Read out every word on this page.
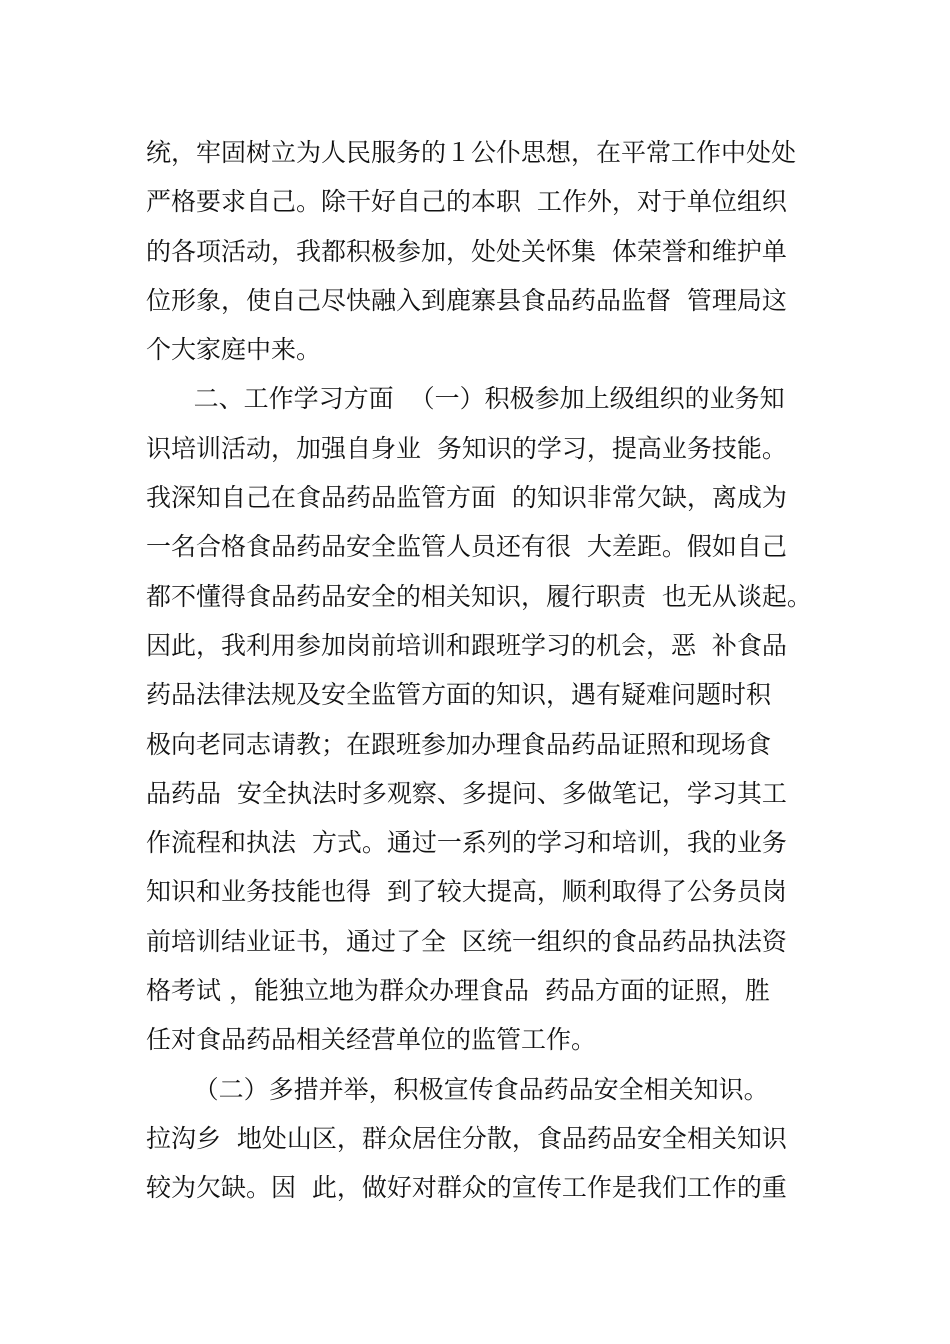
统，牢固树立为人民服务的１公仆思想，在平常工作中处处
严格要求自己。除干好自己的本职  工作外，对于单位组织
的各项活动，我都积极参加，处处关怀集  体荣誉和维护单
位形象，使自己尽快融入到鹿寨县食品药品监督  管理局这
个大家庭中来。
二、工作学习方面  （一）积极参加上级组织的业务知
识培训活动，加强自身业  务知识的学习，提高业务技能。
我深知自己在食品药品监管方面  的知识非常欠缺，离成为
一名合格食品药品安全监管人员还有很  大差距。假如自己
都不懂得食品药品安全的相关知识，履行职责  也无从谈起。
因此，我利用参加岗前培训和跟班学习的机会，恶  补食品
药品法律法规及安全监管方面的知识，遇有疑难问题时积
极向老同志请教；在跟班参加办理食品药品证照和现场食
品药品  安全执法时多观察、多提问、多做笔记，学习其工
作流程和执法  方式。通过一系列的学习和培训，我的业务
知识和业务技能也得  到了较大提高，顺利取得了公务员岗
前培训结业证书，通过了全  区统一组织的食品药品执法资
格考试 ，能独立地为群众办理食品  药品方面的证照，胜
任对食品药品相关经营单位的监管工作。
（二）多措并举，积极宣传食品药品安全相关知识。
拉沟乡  地处山区，群众居住分散，食品药品安全相关知识
较为欠缺。因  此，做好对群众的宣传工作是我们工作的重
